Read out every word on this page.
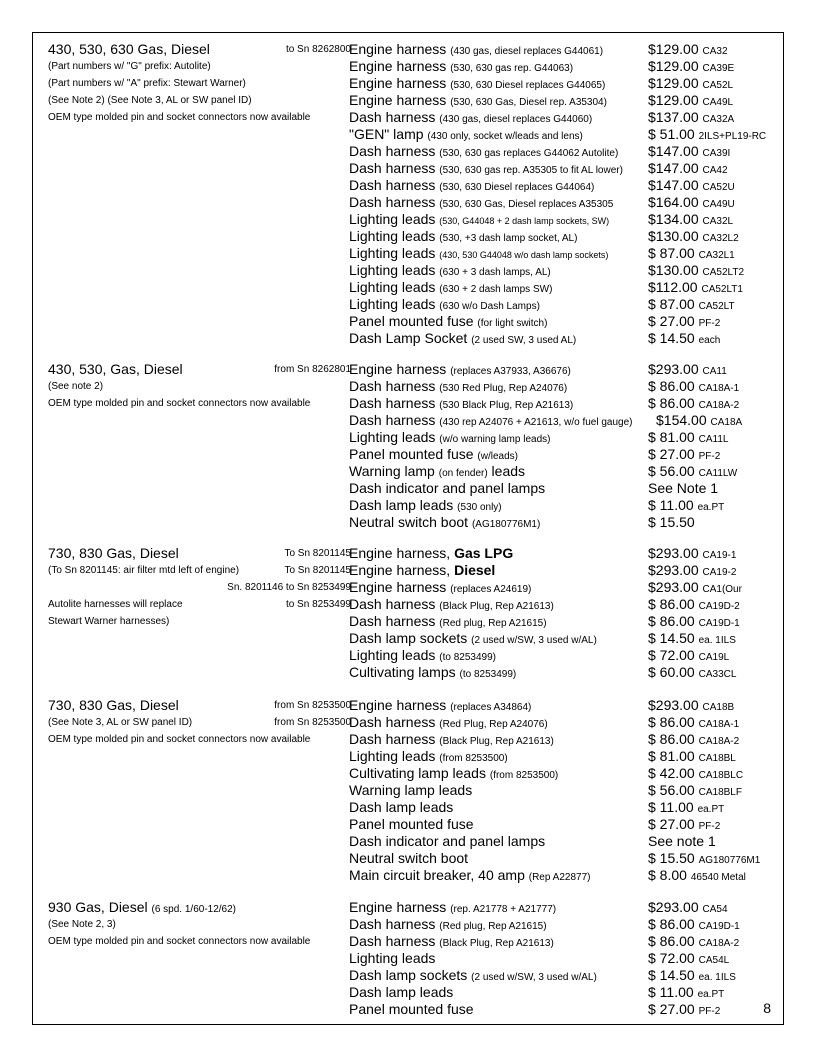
430, 530, 630 Gas, Diesel	to Sn 8262800
(Part numbers w/ "G" prefix: Autolite)
(Part numbers w/ "A" prefix: Stewart Warner)
(See Note 2) (See Note 3, AL or SW panel ID)
OEM type molded pin and socket connectors now available
Engine harness (430 gas, diesel replaces G44061)	$129.00 CA32
Engine harness (530, 630 gas rep. G44063)	$129.00 CA39E
Engine harness (530, 630 Diesel replaces G44065)	$129.00 CA52L
Engine harness (530, 630 Gas, Diesel rep. A35304)	$129.00 CA49L
Dash harness (430 gas, diesel replaces G44060)	$137.00 CA32A
"GEN" lamp (430 only, socket w/leads and lens)	$ 51.00 2ILS+PL19-RC
Dash harness (530, 630 gas replaces G44062 Autolite) $147.00 CA39I
Dash harness (530, 630 gas rep. A35305 to fit AL lower) $147.00 CA42
Dash harness (530, 630 Diesel replaces G44064)	$147.00 CA52U
Dash harness (530, 630 Gas, Diesel replaces A35305 $164.00 CA49U
Lighting leads (530, G44048 + 2 dash lamp sockets, SW)	$134.00 CA32L
Lighting leads (530, +3 dash lamp socket, AL)	$130.00 CA32L2
Lighting leads (430, 530 G44048 w/o dash lamp sockets)	$ 87.00 CA32L1
Lighting leads (630 + 3 dash lamps, AL)	$130.00 CA52LT2
Lighting leads (630 + 2 dash lamps SW)	$112.00 CA52LT1
Lighting leads (630 w/o Dash Lamps)	$ 87.00 CA52LT
Panel mounted fuse (for light switch)	$ 27.00 PF-2
Dash Lamp Socket (2 used SW, 3 used AL)	$ 14.50 each
430, 530, Gas, Diesel	from Sn 8262801
(See note 2)
OEM type molded pin and socket connectors now available
Engine harness (replaces A37933, A36676)	$293.00 CA11
Dash harness (530 Red Plug, Rep A24076)	$ 86.00 CA18A-1
Dash harness (530 Black Plug, Rep A21613)	$ 86.00 CA18A-2
Dash harness (430 rep A24076 + A21613, w/o fuel gauge) $154.00 CA18A
Lighting leads (w/o warning lamp leads)	$ 81.00 CA11L
Panel mounted fuse (w/leads)	$ 27.00 PF-2
Warning lamp (on fender) leads	$ 56.00 CA11LW
Dash indicator and panel lamps	See Note 1
Dash lamp leads (530 only)	$ 11.00 ea.PT
Neutral switch boot (AG180776M1)	$ 15.50
730, 830 Gas, Diesel	To Sn 8201145
(To Sn 8201145: air filter mtd left of engine)	To Sn 8201145
Sn. 8201146 to Sn 8253499
Autolite harnesses will replace	to Sn 8253499
Stewart Warner harnesses)
Engine harness, Gas LPG	$293.00 CA19-1
Engine harness, Diesel	$293.00 CA19-2
Engine harness (replaces A24619)	$293.00 CA1(Our
Dash harness (Black Plug, Rep A21613)	$ 86.00 CA19D-2
Dash harness (Red plug, Rep A21615)	$ 86.00 CA19D-1
Dash lamp sockets (2 used w/SW, 3 used w/AL)	$ 14.50 ea. 1ILS
Lighting leads (to 8253499)	$ 72.00 CA19L
Cultivating lamps (to 8253499)	$ 60.00 CA33CL
730, 830 Gas, Diesel	from Sn 8253500
(See Note 3, AL or SW panel ID)	from Sn 8253500
OEM type molded pin and socket connectors now available
Engine harness (replaces A34864)	$293.00 CA18B
Dash harness (Red Plug, Rep A24076)	$ 86.00 CA18A-1
Dash harness (Black Plug, Rep A21613)	$ 86.00 CA18A-2
Lighting leads (from 8253500)	$ 81.00 CA18BL
Cultivating lamp leads (from 8253500)	$ 42.00 CA18BLC
Warning lamp leads	$ 56.00 CA18BLF
Dash lamp leads	$ 11.00 ea.PT
Panel mounted fuse	$ 27.00 PF-2
Dash indicator and panel lamps	See note 1
Neutral switch boot	$ 15.50 AG180776M1
Main circuit breaker, 40 amp (Rep A22877)	$ 8.00 46540 Metal
930 Gas, Diesel (6 spd. 1/60-12/62)
(See Note 2, 3)
OEM type molded pin and socket connectors now available
Engine harness (rep. A21778 + A21777)	$293.00 CA54
Dash harness (Red plug, Rep A21615)	$ 86.00 CA19D-1
Dash harness (Black Plug, Rep A21613)	$ 86.00 CA18A-2
Lighting leads	$ 72.00 CA54L
Dash lamp sockets (2 used w/SW, 3 used w/AL)	$ 14.50 ea. 1ILS
Dash lamp leads	$ 11.00 ea.PT
Panel mounted fuse	$ 27.00 PF-2	8
